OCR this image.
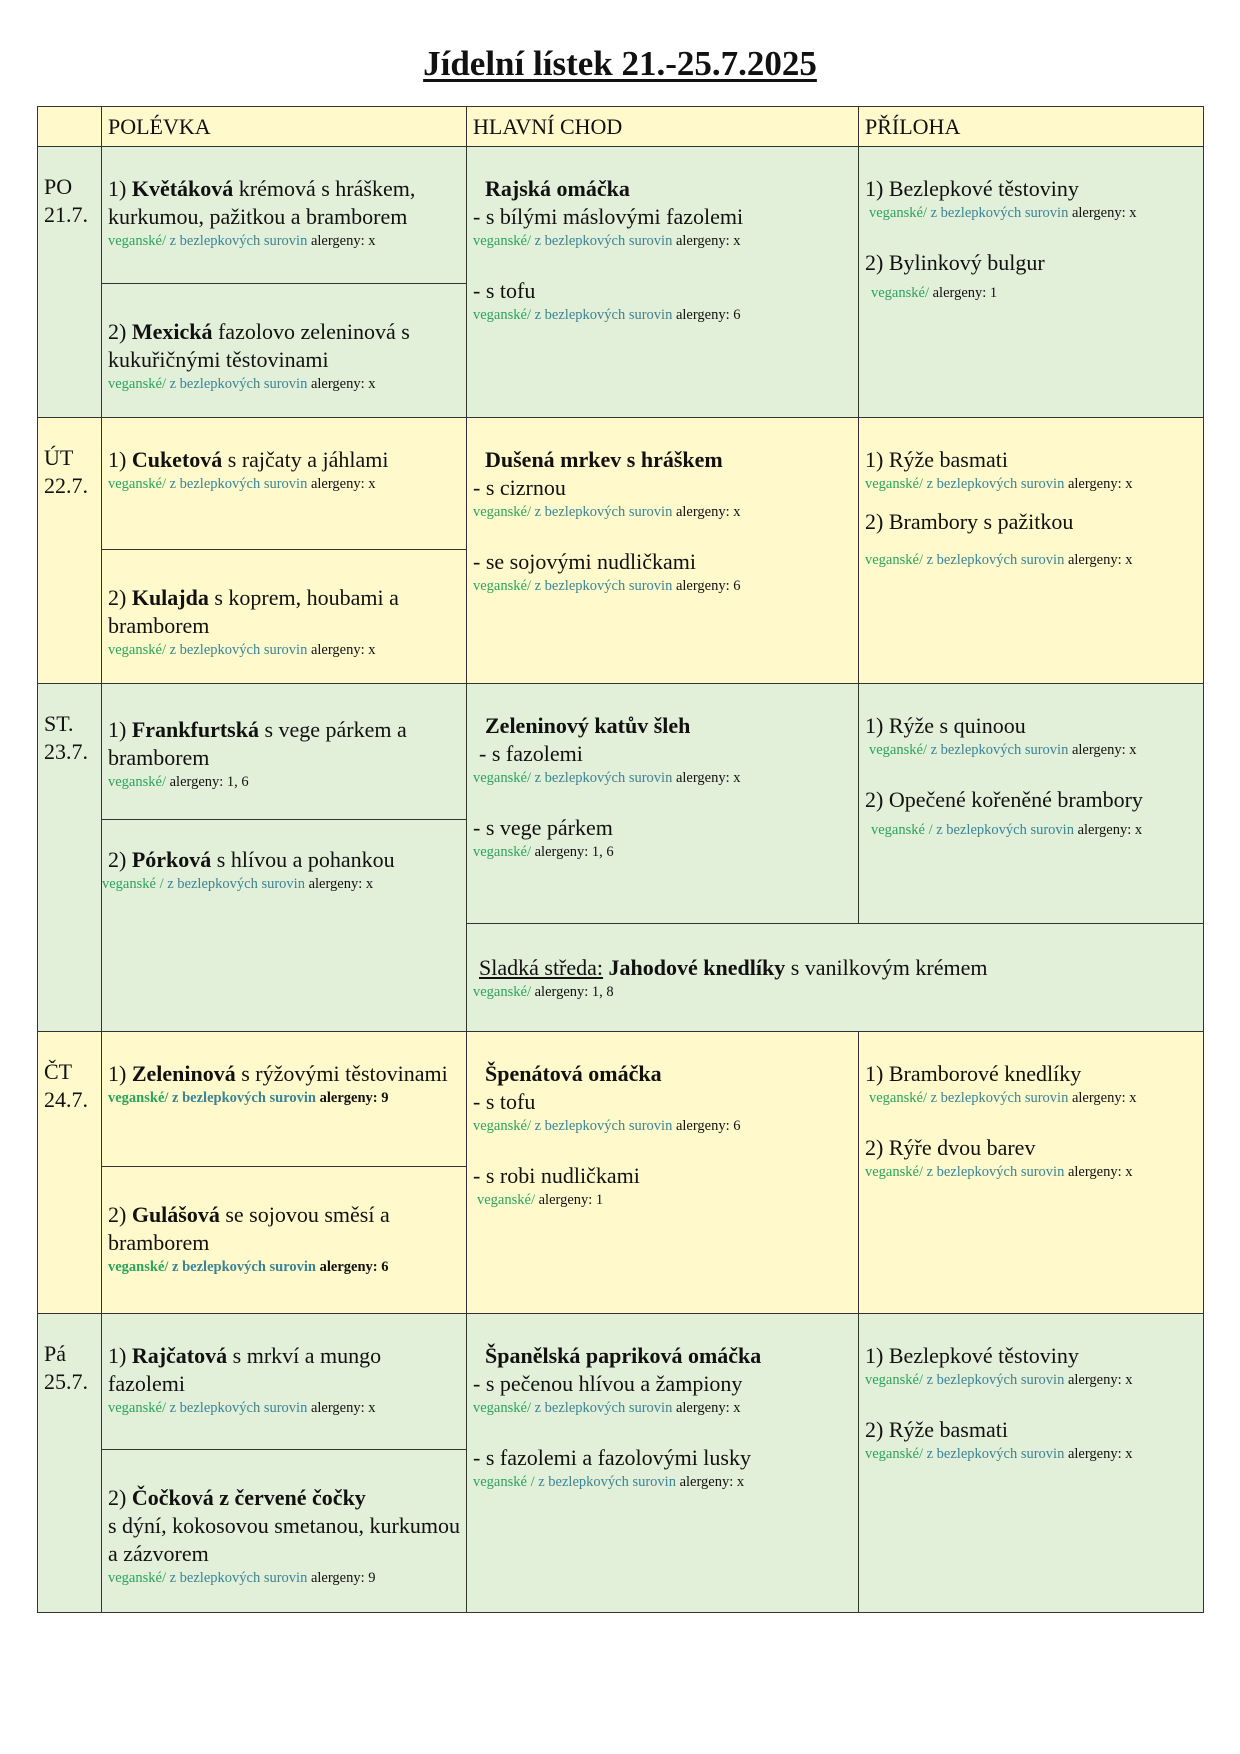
Jídelní lístek 21.-25.7.2025
POLÉVKA	HLAVNÍ CHOD	PŘÍLOHA
PO
21.7.
1) Květáková krémová s hráškem, kurkumou, pažitkou a bramborem
veganské/ z bezlepkových surovin alergeny: x
2) Mexická fazolovo zeleninová s kukuřičnými těstovinami
veganské/ z bezlepkových surovin alergeny: x
Rajská omáčka
- s bílými máslovými fazolemi
veganské/ z bezlepkových surovin alergeny: x
- s tofu
veganské/ z bezlepkových surovin alergeny: 6
1) Bezlepkové těstoviny
veganské/ z bezlepkových surovin alergeny: x
2) Bylinkový bulgur
veganské/ alergeny: 1
ÚT
22.7.
1) Cuketová s rajčaty a jáhlami
veganské/ z bezlepkových surovin alergeny: x
2) Kulajda s koprem, houbami a bramborem
veganské/ z bezlepkových surovin alergeny: x
Dušená mrkev s hráškem
- s cizrnou
veganské/ z bezlepkových surovin alergeny: x
- se sojovými nudličkami
veganské/ z bezlepkových surovin alergeny: 6
1) Rýže basmati
veganské/ z bezlepkových surovin alergeny: x
2) Brambory s pažitkou
veganské/ z bezlepkových surovin alergeny: x
ST.
23.7.
1) Frankfurtská s vege párkem a bramborem
veganské/ alergeny: 1, 6
2) Pórková s hlívou a pohankou
veganské / z bezlepkových surovin alergeny: x
Zeleninový katův šleh
- s fazolemi
veganské/ z bezlepkových surovin alergeny: x
- s vege párkem
veganské/ alergeny: 1, 6
1) Rýže s quinoou
veganské/ z bezlepkových surovin alergeny: x
2) Opečené kořeněné brambory
veganské / z bezlepkových surovin alergeny: x
Sladká středa: Jahodové knedlíky s vanilkovým krémem
veganské/ alergeny: 1, 8
ČT
24.7.
1) Zeleninová s rýžovými těstovinami
veganské/ z bezlepkových surovin alergeny: 9
2) Gulášová se sojovou směsí a bramborem
veganské/ z bezlepkových surovin alergeny: 6
Špenátová omáčka
- s tofu
veganské/ z bezlepkových surovin alergeny: 6
- s robi nudličkami
veganské/ alergeny: 1
1) Bramborové knedlíky
veganské/ z bezlepkových surovin alergeny: x
2) Rýře dvou barev
veganské/ z bezlepkových surovin alergeny: x
Pá
25.7.
1) Rajčatová s mrkví a mungo fazolemi
veganské/ z bezlepkových surovin alergeny: x
2) Čočková z červené čočky
s dýní, kokosovou smetanou, kurkumou a zázvorem
veganské/ z bezlepkových surovin alergeny: 9
Španělská papriková omáčka
- s pečenou hlívou a žampiony
veganské/ z bezlepkových surovin alergeny: x
- s fazolemi a fazolovými lusky
veganské / z bezlepkových surovin alergeny: x
1) Bezlepkové těstoviny
veganské/ z bezlepkových surovin alergeny: x
2) Rýže basmati
veganské/ z bezlepkových surovin alergeny: x
